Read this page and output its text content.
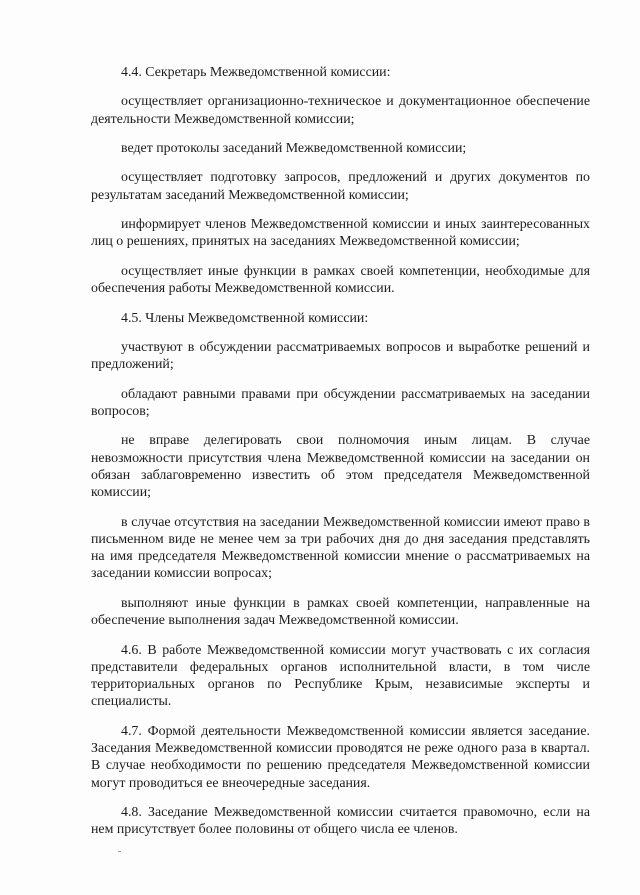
4.4. Секретарь Межведомственной комиссии:

осуществляет организационно-техническое и документационное обеспечение деятельности Межведомственной комиссии;

ведет протоколы заседаний Межведомственной комиссии;

осуществляет подготовку запросов, предложений и других документов по результатам заседаний Межведомственной комиссии;

информирует членов Межведомственной комиссии и иных заинтересованных лиц о решениях, принятых на заседаниях Межведомственной комиссии;

осуществляет иные функции в рамках своей компетенции, необходимые для обеспечения работы Межведомственной комиссии.

4.5. Члены Межведомственной комиссии:

участвуют в обсуждении рассматриваемых вопросов и выработке решений и предложений;

обладают равными правами при обсуждении рассматриваемых на заседании вопросов;

не вправе делегировать свои полномочия иным лицам. В случае невозможности присутствия члена Межведомственной комиссии на заседании он обязан заблаговременно известить об этом председателя Межведомственной комиссии;

в случае отсутствия на заседании Межведомственной комиссии имеют право в письменном виде не менее чем за три рабочих дня до дня заседания представлять на имя председателя Межведомственной комиссии мнение о рассматриваемых на заседании комиссии вопросах;

выполняют иные функции в рамках своей компетенции, направленные на обеспечение выполнения задач Межведомственной комиссии.

4.6. В работе Межведомственной комиссии могут участвовать с их согласия представители федеральных органов исполнительной власти, в том числе территориальных органов по Республике Крым, независимые эксперты и специалисты.

4.7. Формой деятельности Межведомственной комиссии является заседание. Заседания Межведомственной комиссии проводятся не реже одного раза в квартал. В случае необходимости по решению председателя Межведомственной комиссии могут проводиться ее внеочередные заседания.

4.8. Заседание Межведомственной комиссии считается правомочно, если на нем присутствует более половины от общего числа ее членов.
